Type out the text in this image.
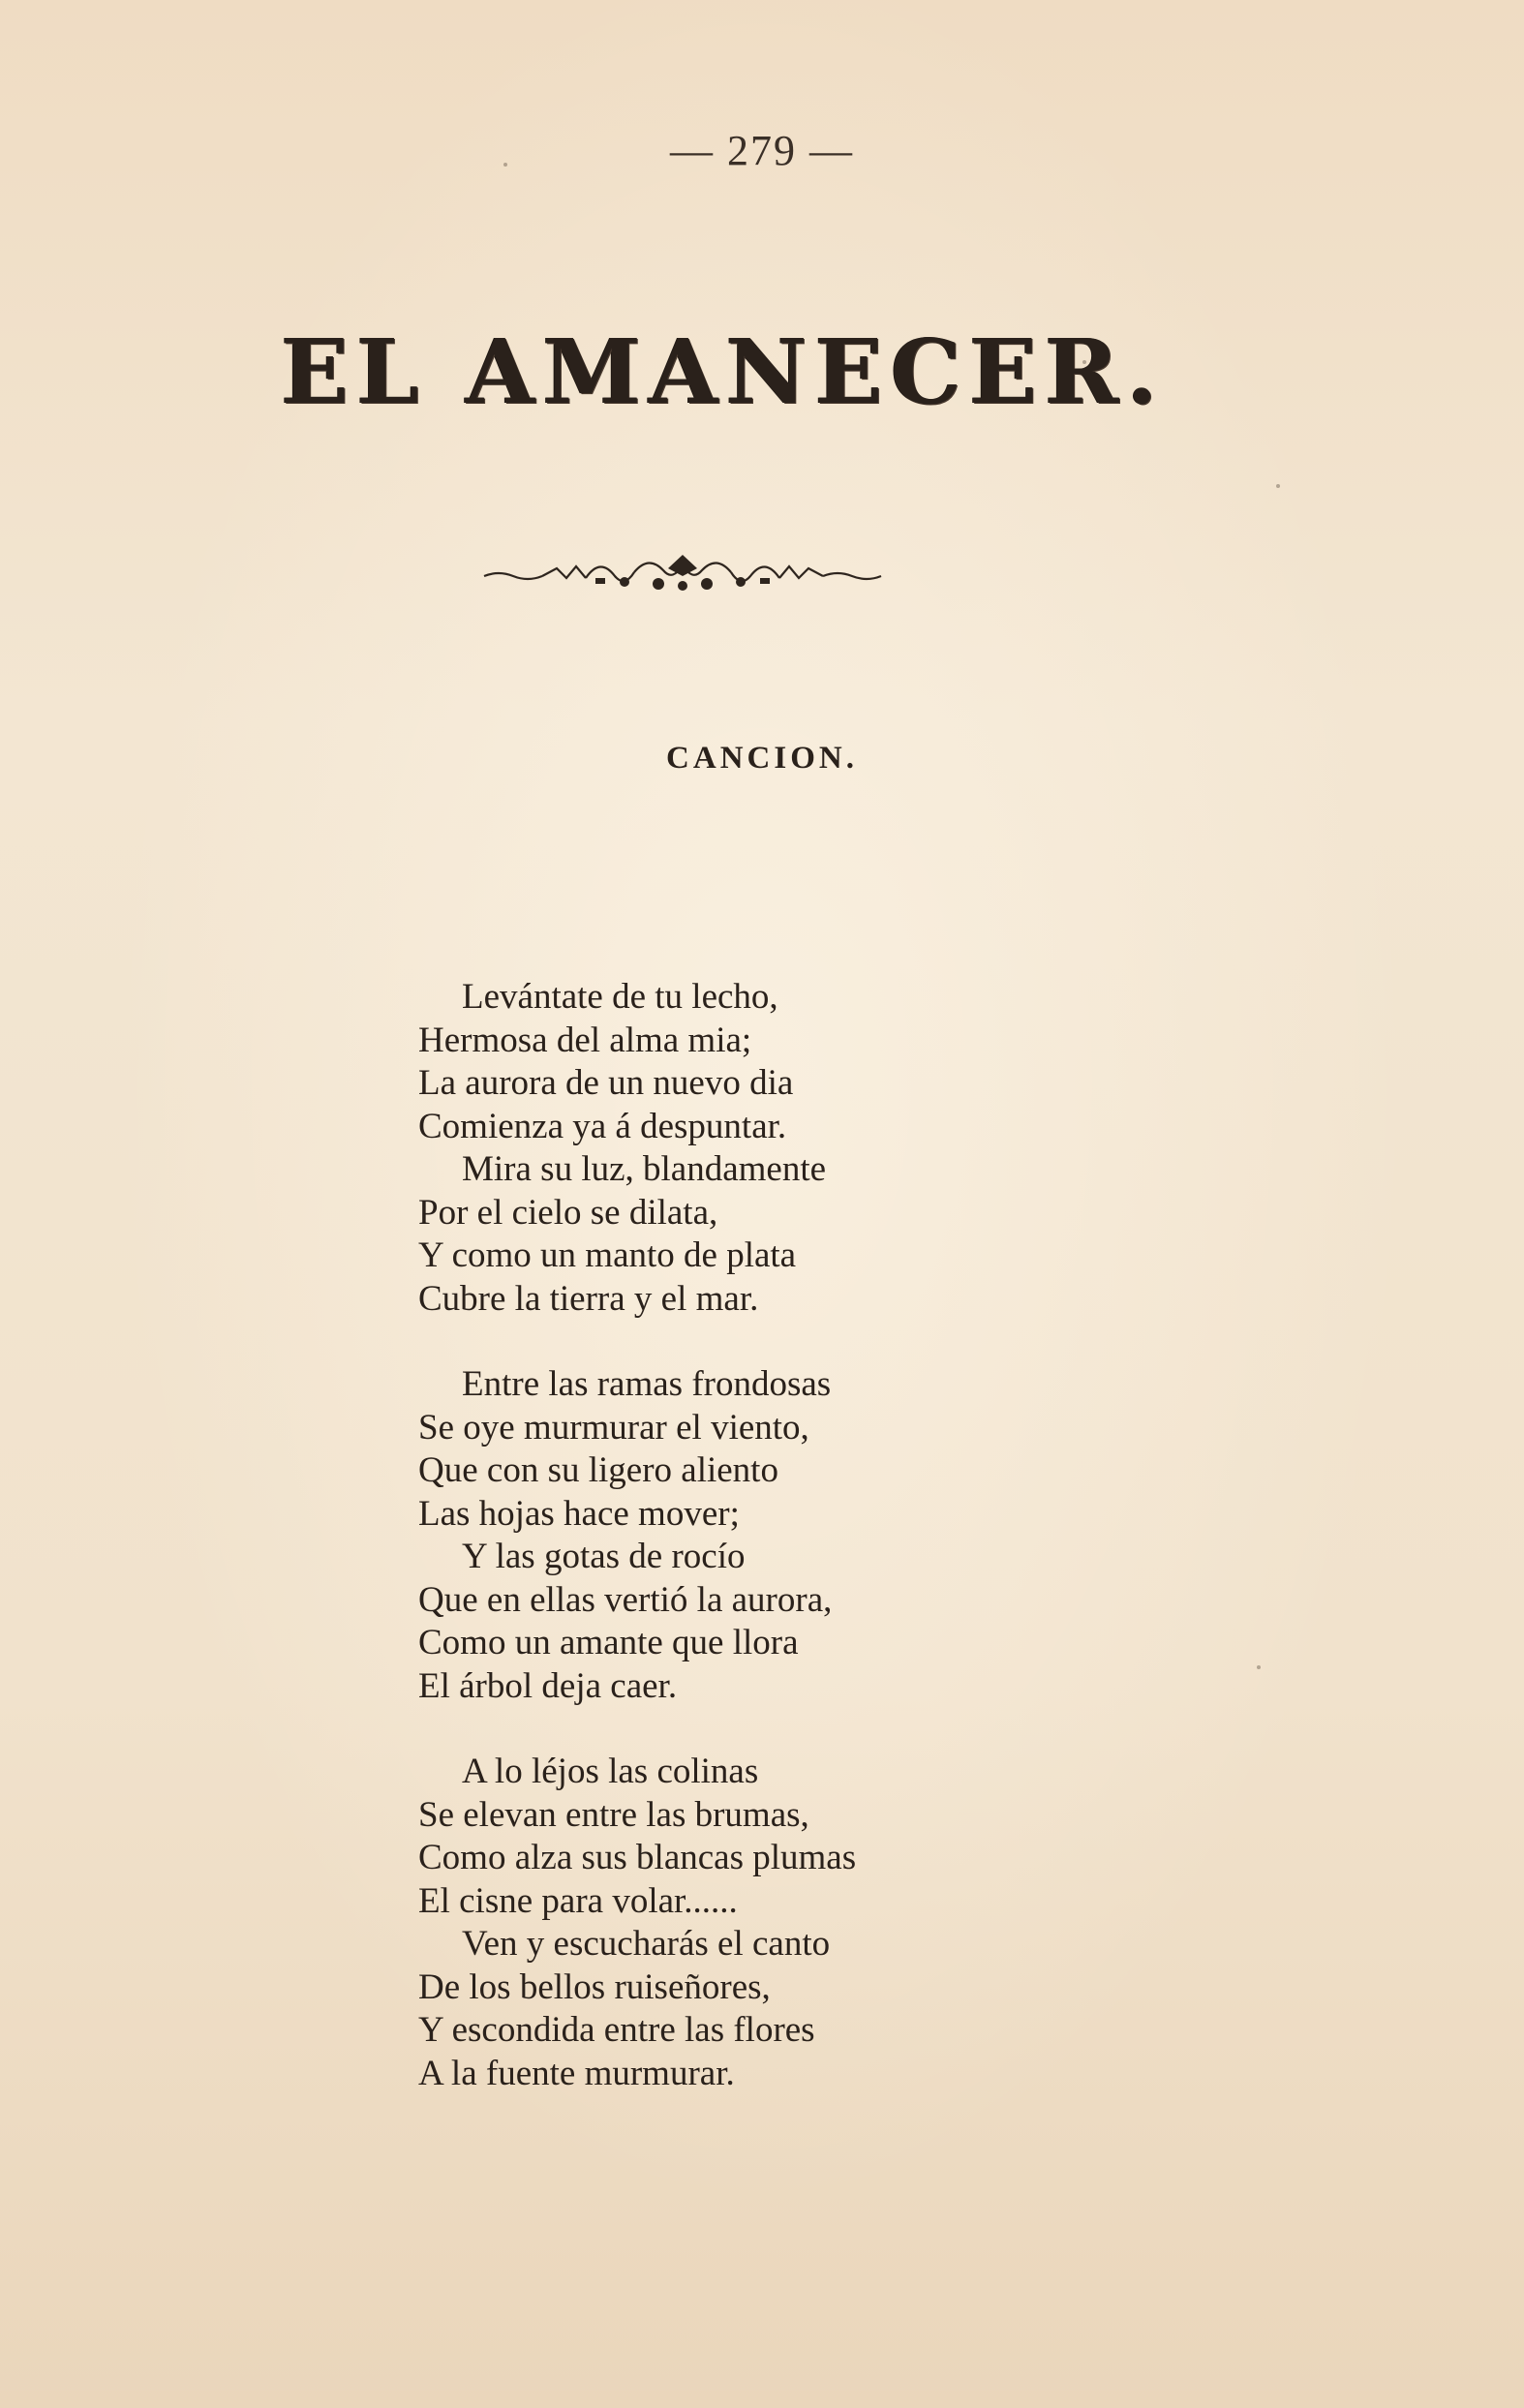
— 279 —
EL AMANECER.
CANCION.
Levántate de tu lecho,
Hermosa del alma mia;
La aurora de un nuevo dia
Comienza ya á despuntar.
Mira su luz, blandamente
Por el cielo se dilata,
Y como un manto de plata
Cubre la tierra y el mar.
Entre las ramas frondosas
Se oye murmurar el viento,
Que con su ligero aliento
Las hojas hace mover;
Y las gotas de rocío
Que en ellas vertió la aurora,
Como un amante que llora
El árbol deja caer.
A lo léjos las colinas
Se elevan entre las brumas,
Como alza sus blancas plumas
El cisne para volar......
Ven y escucharás el canto
De los bellos ruiseñores,
Y escondida entre las flores
A la fuente murmurar.
